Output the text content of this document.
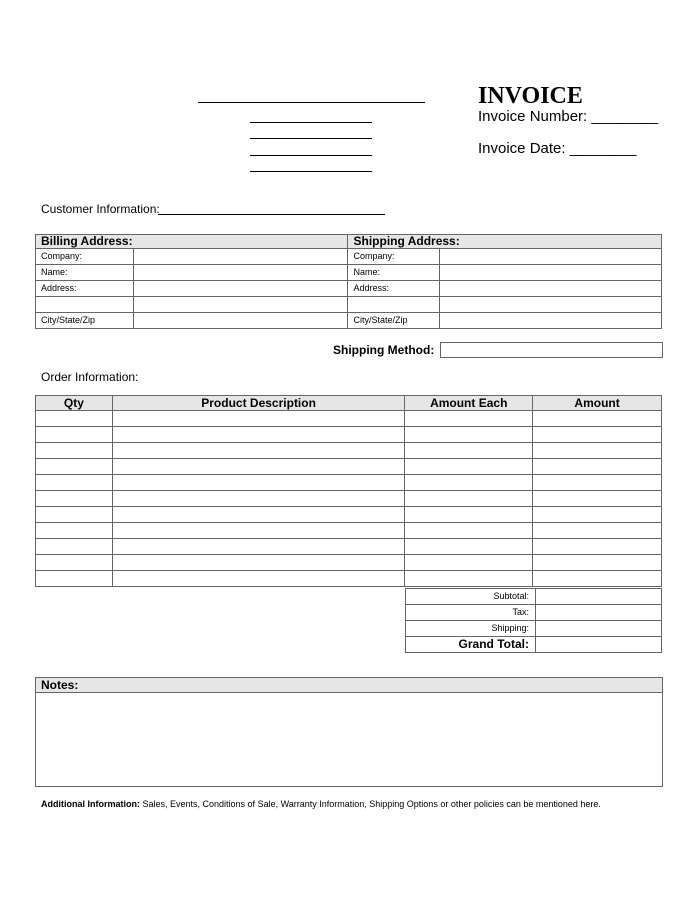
INVOICE
Invoice Number: ________
Invoice Date: ________
Customer Information:
Billing Address:		Shipping Address:	
Company:		Company:	
Name:		Name:	
Address:		Address:	

City/State/Zip		City/State/Zip	
Shipping Method:
Order Information:
Qty	Product Description	Amount Each	Amount

Subtotal:	
Tax:	
Shipping:	
Grand Total:	
Notes:
Additional Information: Sales, Events, Conditions of Sale, Warranty Information, Shipping Options or other policies can be mentioned here.
